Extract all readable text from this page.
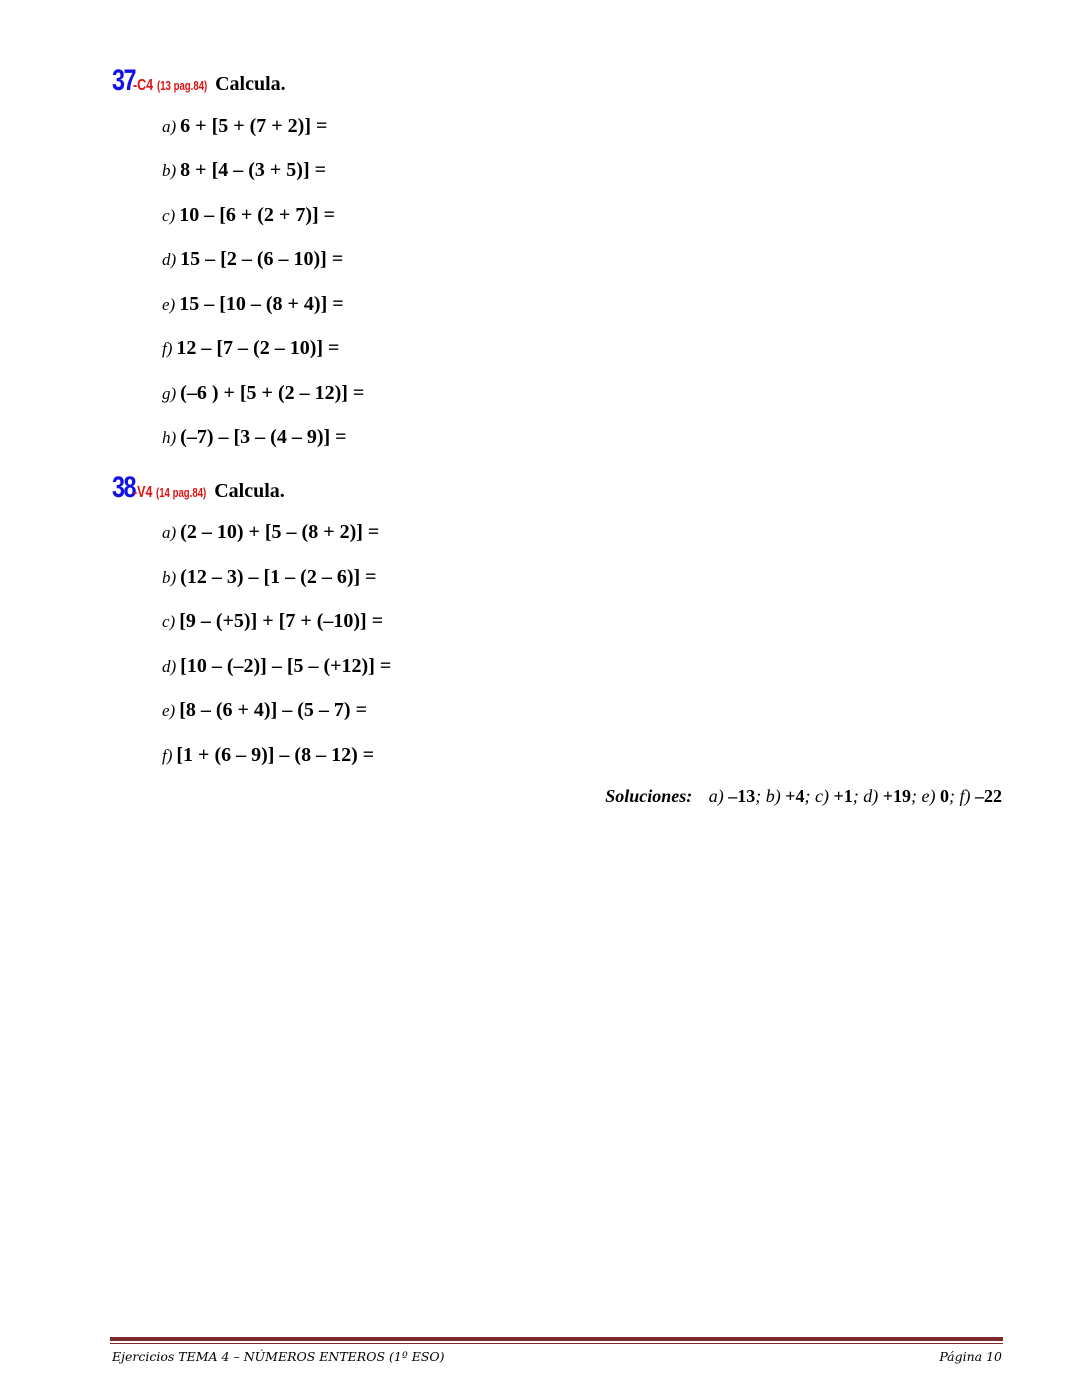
37-C4 (13 pag.84) Calcula.
a) 6 + [5 + (7 + 2)] =
b) 8 + [4 – (3 + 5)] =
c) 10 – [6 + (2 + 7)] =
d) 15 – [2 – (6 – 10)] =
e) 15 – [10 – (8 + 4)] =
f) 12 – [7 – (2 – 10)] =
g) (–6 ) + [5 + (2 – 12)] =
h) (–7) – [3 – (4 – 9)] =
38-V4 (14 pag.84) Calcula.
a) (2 – 10) + [5 – (8 + 2)] =
b) (12 – 3) – [1 – (2 – 6)] =
c) [9 – (+5)] + [7 + (–10)] =
d) [10 – (–2)] – [5 – (+12)] =
e) [8 – (6 + 4)] – (5 – 7) =
f) [1 + (6 – 9)] – (8 – 12) =
Soluciones: a) –13; b) +4; c) +1; d) +19; e) 0; f) –22
Ejercicios TEMA 4 – NÚMEROS ENTEROS (1º ESO)	Página 10
